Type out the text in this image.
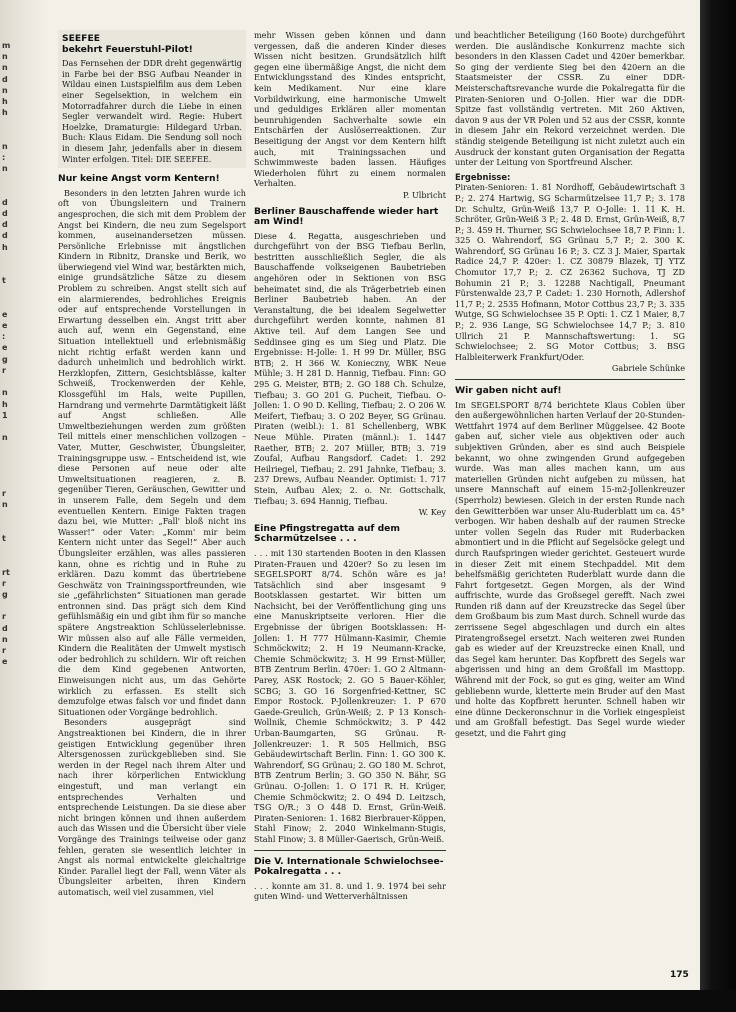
m
n
n
d
n
h
h

n
:
n

d
d
d
d
h

t

e
e
:
e
g
r

n
h
1

n

r
n

t

rt
r
g

r
d
n
r
e
SEEFEE
bekehrt Feuerstuhl-Pilot!

Das Fernsehen der DDR dreht gegenwärtig in Farbe bei der BSG Aufbau Neander in Wildau einen Lustspielfilm aus dem Leben einer Segelsektion, in welchem ein Motorradfahrer durch die Liebe in einen Segler verwandelt wird. Regie: Hubert Hoelzke, Dramaturgie: Hildegard Urban. Buch: Klaus Eidam. Die Sendung soll noch in diesem Jahr, jedenfalls aber in diesem Winter erfolgen. Titel: DIE SEEFEE.

Nur keine Angst vorm Kentern!

Besonders in den letzten Jahren wurde ich oft von Übungsleitern und Trainern angesprochen, die sich mit dem Problem der Angst bei Kindern, die neu zum Segelsport kommen, auseinandersetzen müssen. Persönliche Erlebnisse mit ängstlichen Kindern in Ribnitz, Dranske und Berik, wo überwiegend viel Wind war, bestärkten mich, einige grundsätzliche Sätze zu diesem Problem zu schreiben. Angst stellt sich auf ein alarmierendes, bedrohliches Ereignis oder auf entsprechende Vorstellungen in Erwartung desselben ein. Angst tritt aber auch auf, wenn ein Gegenstand, eine Situation intellektuell und erlebnismäßig nicht richtig erfaßt werden kann und dadurch unheimlich und bedrohlich wirkt. Herzklopfen, Zittern, Gesichtsblässe, kalter Schweiß, Trockenwerden der Kehle, Klossgefühl im Hals, weite Pupillen, Harndrang und vermehrte Darmtätigkeit läßt auf Angst schließen. Alle Umweltbeziehungen werden zum größten Teil mittels einer menschlichen vollzogen – Vater, Mutter, Geschwister, Übungsleiter, Trainingsgruppe usw. – Entscheidend ist, wie diese Personen auf neue oder alte Umweltsituationen reagieren, z. B. gegenüber Tieren, Geräuschen, Gewitter und in unserem Falle, dem Segeln und dem eventuellen Kentern. Einige Fakten tragen dazu bei, wie Mutter: „Fall' bloß nicht ins Wasser!“ oder Vater: „Komm' mir beim Kentern nicht unter das Segel!“ Aber auch Übungsleiter erzählen, was alles passieren kann, ohne es richtig und in Ruhe zu erklären. Dazu kommt das übertriebene Geschwätz von Trainingssportfreunden, wie sie „gefährlichsten“ Situationen man gerade entronnen sind. Das prägt sich dem Kind gefühlsmäßig ein und gibt ihm für so manche spätere Angstreaktion Schlüsselerlebnisse. Wir müssen also auf alle Fälle vermeiden, Kindern die Realitäten der Umwelt mystisch oder bedrohlich zu schildern. Wir oft reichen die dem Kind gegebenen Antworten, Einweisungen nicht aus, um das Gehörte wirklich zu erfassen. Es stellt sich demzufolge etwas falsch vor und findet dann Situationen oder Vorgänge bedrohlich.

Besonders ausgeprägt sind Angstreaktionen bei Kindern, die in ihrer geistigen Entwicklung gegenüber ihren Altersgenossen zurückgeblieben sind. Sie werden in der Regel nach ihrem Alter und nach ihrer körperlichen Entwicklung eingestuft, und man verlangt ein entsprechendes Verhalten und entsprechende Leistungen. Da sie diese aber nicht bringen können und ihnen außerdem auch das Wissen und die Übersicht über viele Vorgänge des Trainings teilweise oder ganz fehlen, geraten sie wesentlich leichter in Angst als normal entwickelte gleichaltrige Kinder. Parallel liegt der Fall, wenn Väter als Übungsleiter arbeiten, ihren Kindern automatisch, weil viel zusammen, viel

mehr Wissen geben können und dann vergessen, daß die anderen Kinder dieses Wissen nicht besitzen. Grundsätzlich hilft gegen eine übermäßige Angst, die nicht dem Entwicklungsstand des Kindes entspricht, kein Medikament. Nur eine klare Vorbildwirkung, eine harmonische Umwelt und geduldiges Erklären aller momentan beunruhigenden Sachverhalte sowie ein Entschärfen der Auslöserreaktionen. Zur Beseitigung der Angst vor dem Kentern hilft auch, mit Trainingssachen und Schwimmweste baden lassen. Häufiges Wiederholen führt zu einem normalen Verhalten.

P. Ulbricht
Berliner Bauschaffende wieder hart am Wind!

Diese 4. Regatta, ausgeschrieben und durchgeführt von der BSG Tiefbau Berlin, bestritten ausschließlich Segler, die als Bauschaffende volkseigenen Baubetrieben angehören oder in Sektionen von BSG beheimatet sind, die als Trägerbetrieb einen Berliner Baubetrieb haben. An der Veranstaltung, die bei idealem Segelwetter durchgeführt werden konnte, nahmen 81 Aktive teil. Auf dem Langen See und Seddinsee ging es um Sieg und Platz. Die Ergebnisse: H-Jolle: 1. H 99 Dr. Müller, BSG BTB; 2. H 366 W. Konieczny, WBK Neue Mühle; 3. H 281 D. Hannig, Tiefbau. Finn: GO 295 G. Meister, BTB; 2. GO 188 Ch. Schulze, Tiefbau; 3. GO 201 G. Pucheit, Tiefbau. O-Jollen: 1. O 90 D. Kelling, Tiefbau; 2. O 206 W. Meifert, Tiefbau; 3. O 202 Beyer, SG Grünau. Piraten (weibl.): 1. 81 Schellenberg, WBK Neue Mühle. Piraten (männl.): 1. 1447 Raether, BTB; 2. 207 Müller, BTB; 3. 719 Zoufal, Aufbau Rangsdorf. Cadet: 1. 292 Heilriegel, Tiefbau; 2. 291 Jahnke, Tiefbau; 3. 237 Drews, Aufbau Neander. Optimist: 1. 717 Stein, Aufbau Alex; 2. o. Nr. Gottschalk, Tiefbau; 3. 694 Hannig, Tiefbau.

W. Key
Eine Pfingstregatta auf dem Scharmützelsee . . .

. . . mit 130 startenden Booten in den Klassen Piraten-Frauen und 420er? So zu lesen im SEGELSPORT 8/74. Schön wäre es ja! Tatsächlich sind aber insgesamt 9 Bootsklassen gestartet. Wir bitten um Nachsicht, bei der Veröffentlichung ging uns eine Manuskriptseite verloren. Hier die Ergebnisse der übrigen Bootsklassen: H-Jollen: 1. H 777 Hülmann-Kasimir, Chemie Schmöckwitz; 2. H 19 Neumann-Kracke, Chemie Schmöckwitz; 3. H 99 Ernst-Müller, BTB Zentrum Berlin. 470er: 1. GO 2 Altmann-Parey, ASK Rostock; 2. GO 5 Bauer-Köhler, SCBG; 3. GO 16 Sorgenfried-Kettner, SC Empor Rostock. P-Jollenkreuzer: 1. P 670 Gaede-Greulich, Grün-Weiß; 2. P 13 Konsch-Wollnik, Chemie Schmöckwitz; 3. P 442 Urban-Baumgarten, SG Grünau. R-Jollenkreuzer: 1. R 505 Hellmich, BSG Gebäudewirtschaft Berlin. Finn: 1. GO 300 K. Wahrendorf, SG Grünau; 2. GO 180 M. Schrot, BTB Zentrum Berlin; 3. GO 350 N. Bähr, SG Grünau. O-Jollen: 1. O 171 R. H. Krüger, Chemie Schmöckwitz; 2. O 494 D. Leitzsch, TSG O/R.; 3 O 448 D. Ernst, Grün-Weiß. Piraten-Senioren: 1. 1682 Bierbrauer-Köppen, Stahl Finow; 2. 2040 Winkelmann-Stugis, Stahl Finow; 3. 8 Müller-Gaerisch, Grün-Weiß.

Die V. Internationale Schwielochsee-Pokalregatta . . .

. . . konnte am 31. 8. und 1. 9. 1974 bei sehr guten Wind- und Wetterverhältnissen

und beachtlicher Beteiligung (160 Boote) durchgeführt werden. Die ausländische Konkurrenz machte sich besonders in den Klassen Cadet und 420er bemerkbar. So ging der verdiente Sieg bei den 420ern an die Staatsmeister der CSSR. Zu einer DDR-Meisterschaftsrevanche wurde die Pokalregatta für die Piraten-Senioren und O-Jollen. Hier war die DDR-Spitze fast vollständig vertreten. Mit 260 Aktiven, davon 9 aus der VR Polen und 52 aus der CSSR, konnte in diesem Jahr ein Rekord verzeichnet werden. Die ständig steigende Beteiligung ist nicht zuletzt auch ein Ausdruck der konstant guten Organisation der Regatta unter der Leitung von Sportfreund Alscher.

Ergebnisse:

Piraten-Senioren: 1. 81 Nordhoff, Gebäudewirtschaft 3 P.; 2. 274 Hartwig, SG Scharmützelsee 11,7 P.; 3. 178 Dr. Schultz, Grün-Weiß 13,7 P. O-Jolle: 1. 11 K. H. Schröter, Grün-Weiß 3 P.; 2. 48 D. Ernst, Grün-Weiß, 8,7 P.; 3. 459 H. Thurner, SG Schwielochsee 18,7 P. Finn: 1. 325 O. Wahrendorf, SG Grünau 5,7 P.; 2. 300 K. Wahrendorf, SG Grünau 16 P.; 3. CZ 3 J. Maier, Spartak Radice 24,7 P. 420er: 1. CZ 30879 Blazek, TJ YTZ Chomutor 17,7 P.; 2. CZ 26362 Suchova, TJ ZD Bohumin 21 P.; 3. 12288 Nachtigall, Pneumant Fürstenwalde 23,7 P. Cadet: 1. 230 Hornoth, Adlershof 11,7 P.; 2. 2535 Hofmann, Motor Cottbus 23,7 P.; 3. 335 Wutge, SG Schwielochsee 35 P. Opti: 1. CZ 1 Maier, 8,7 P.; 2. 936 Lange, SG Schwielochsee 14,7 P.; 3. 810 Ullrich 21 P. Mannschaftswertung: 1. SG Schwielochsee; 2. SG Motor Cottbus; 3. BSG Halbleiterwerk Frankfurt/Oder.

Gabriele Schünke
Wir gaben nicht auf!

Im SEGELSPORT 8/74 berichtete Klaus Coblen über den außergewöhnlichen harten Verlauf der 20-Stunden-Wettfahrt 1974 auf dem Berliner Müggelsee. 42 Boote gaben auf, sicher viele aus objektiven oder auch subjektiven Gründen, aber es sind auch Beispiele bekannt, wo ohne zwingenden Grund aufgegeben wurde. Was man alles machen kann, um aus materiellen Gründen nicht aufgeben zu müssen, hat unsere Mannschaft auf einem 15-m2-Jollenkreuzer (Sperrholz) bewiesen. Gleich in der ersten Runde nach den Gewitterböen war unser Alu-Ruderblatt um ca. 45° verbogen. Wir haben deshalb auf der raumen Strecke unter vollen Segeln das Ruder mit Ruderbacken abmontiert und in die Pflicht auf Segelsöcke gelegt und durch Raufspringen wieder gerichtet. Gesteuert wurde in dieser Zeit mit einem Stechpaddel. Mit dem behelfsmäßig gerichteten Ruderblatt wurde dann die Fahrt fortgesetzt. Gegen Morgen, als der Wind auffrischte, wurde das Großsegel gerefft. Nach zwei Runden riß dann auf der Kreuzstrecke das Segel über dem Großbaum bis zum Mast durch. Schnell wurde das zerrissene Segel abgeschlagen und durch ein altes Piratengroßsegel ersetzt. Nach weiteren zwei Runden gab es wieder auf der Kreuzstrecke einen Knall, und das Segel kam herunter. Das Kopfbrett des Segels war abgerissen und hing an dem Großfall im Masttopp. Während mit der Fock, so gut es ging, weiter am Wind gebliebenn wurde, kletterte mein Bruder auf den Mast und holte das Kopfbrett herunter. Schnell haben wir eine dünne Deckeronschnur in die Vorliek eingespleist und am Großfall befestigt. Das Segel wurde wieder gesetzt, und die Fahrt ging

175
